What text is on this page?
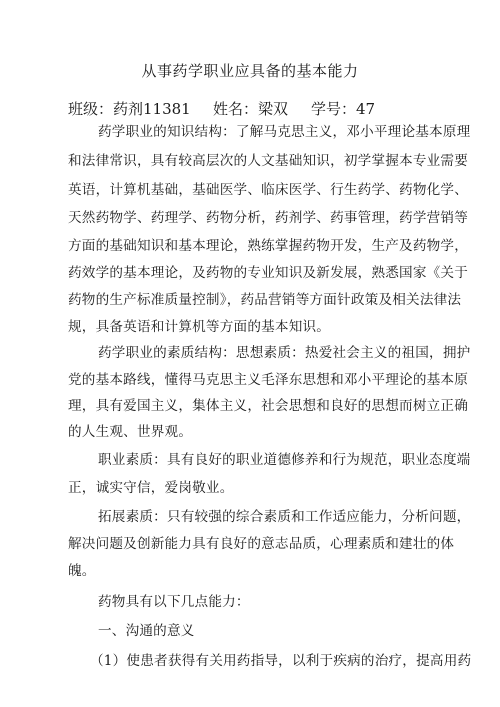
从事药学职业应具备的基本能力
班级：药剂11381 姓名：梁双 学号：47
药学职业的知识结构：了解马克思主义，邓小平理论基本原理
和法律常识，具有较高层次的人文基础知识，初学掌握本专业需要
英语，计算机基础，基础医学、临床医学、行生药学、药物化学、
天然药物学、药理学、药物分析，药剂学、药事管理，药学营销等
方面的基础知识和基本理论，熟练掌握药物开发，生产及药物学，
药效学的基本理论，及药物的专业知识及新发展，熟悉国家《关于
药物的生产标准质量控制》，药品营销等方面针政策及相关法律法
规，具备英语和计算机等方面的基本知识。
药学职业的素质结构：思想素质：热爱社会主义的祖国，拥护
党的基本路线，懂得马克思主义毛泽东思想和邓小平理论的基本原
理，具有爱国主义，集体主义，社会思想和良好的思想而树立正确
的人生观、世界观。
职业素质：具有良好的职业道德修养和行为规范，职业态度端
正，诚实守信，爱岗敬业。
拓展素质：只有较强的综合素质和工作适应能力，分析问题，
解决问题及创新能力具有良好的意志品质，心理素质和建壮的体
魄。
药物具有以下几点能力：
一、沟通的意义
（1）使患者获得有关用药指导，以利于疾病的治疗，提高用药
